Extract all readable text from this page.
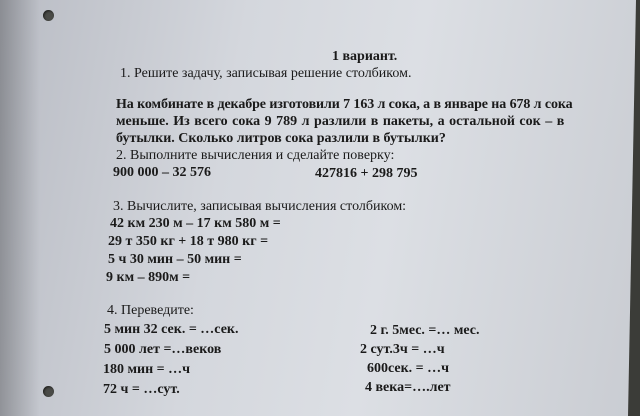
1 вариант.
1. Решите задачу, записывая решение столбиком.
На комбинате в декабре изготовили 7 163 л сока, а в январе на 678 л сока
меньше. Из всего сока 9 789 л разлили в пакеты, а остальной сок – в
бутылки. Сколько литров сока разлили в бутылки?
2. Выполните вычисления и сделайте поверку:
900 000 – 32 576	427816 + 298 795
3. Вычислите, записывая вычисления столбиком:
42 км 230 м – 17 км 580 м =
29 т 350 кг + 18 т 980 кг =
5 ч 30 мин – 50 мин =
9 км – 890м =
4. Переведите:
5 мин 32 сек. = …сек.
5 000 лет =…веков
180 мин = …ч
72 ч = …сут.
2 г. 5мес. =… мес.
2 сут.3ч = …ч
600сек. = …ч
4 века=….лет
